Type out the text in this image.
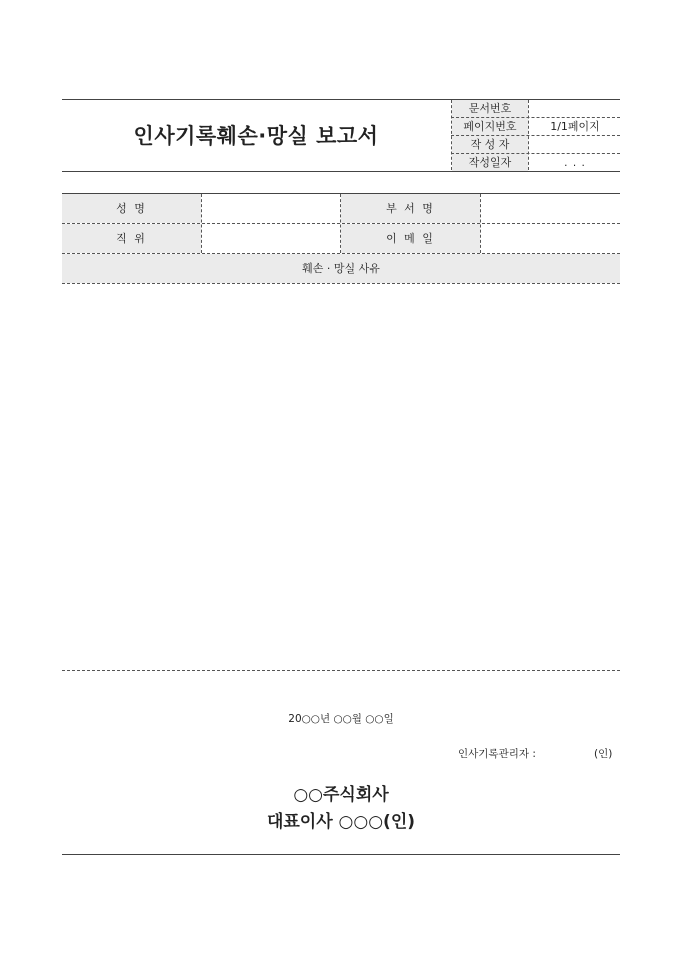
인사기록훼손·망실 보고서
문서번호
페이지번호	1/1페이지
작 성 자
작성일자	. . .
성 명	부 서 명
직 위	이 메 일
훼손 · 망실 사유
20○○년 ○○월 ○○일
인사기록관리자 :	(인)
○○주식회사
대표이사 ○○○(인)
